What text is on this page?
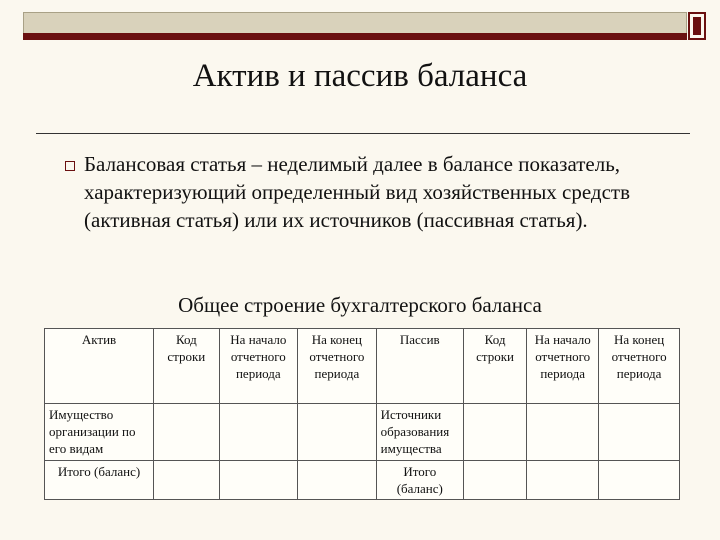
Актив и пассив баланса

Балансовая статья – неделимый далее в балансе показатель, характеризующий определенный вид хозяйственных средств (активная статья) или их источников (пассивная статья).

Общее строение бухгалтерского баланса

Актив	Код строки	На начало отчетного периода	На конец отчетного периода	Пассив	Код строки	На начало отчетного периода	На конец отчетного периода
Имущество организации по его видам				Источники образования имущества			
Итого (баланс)				Итого (баланс)			
